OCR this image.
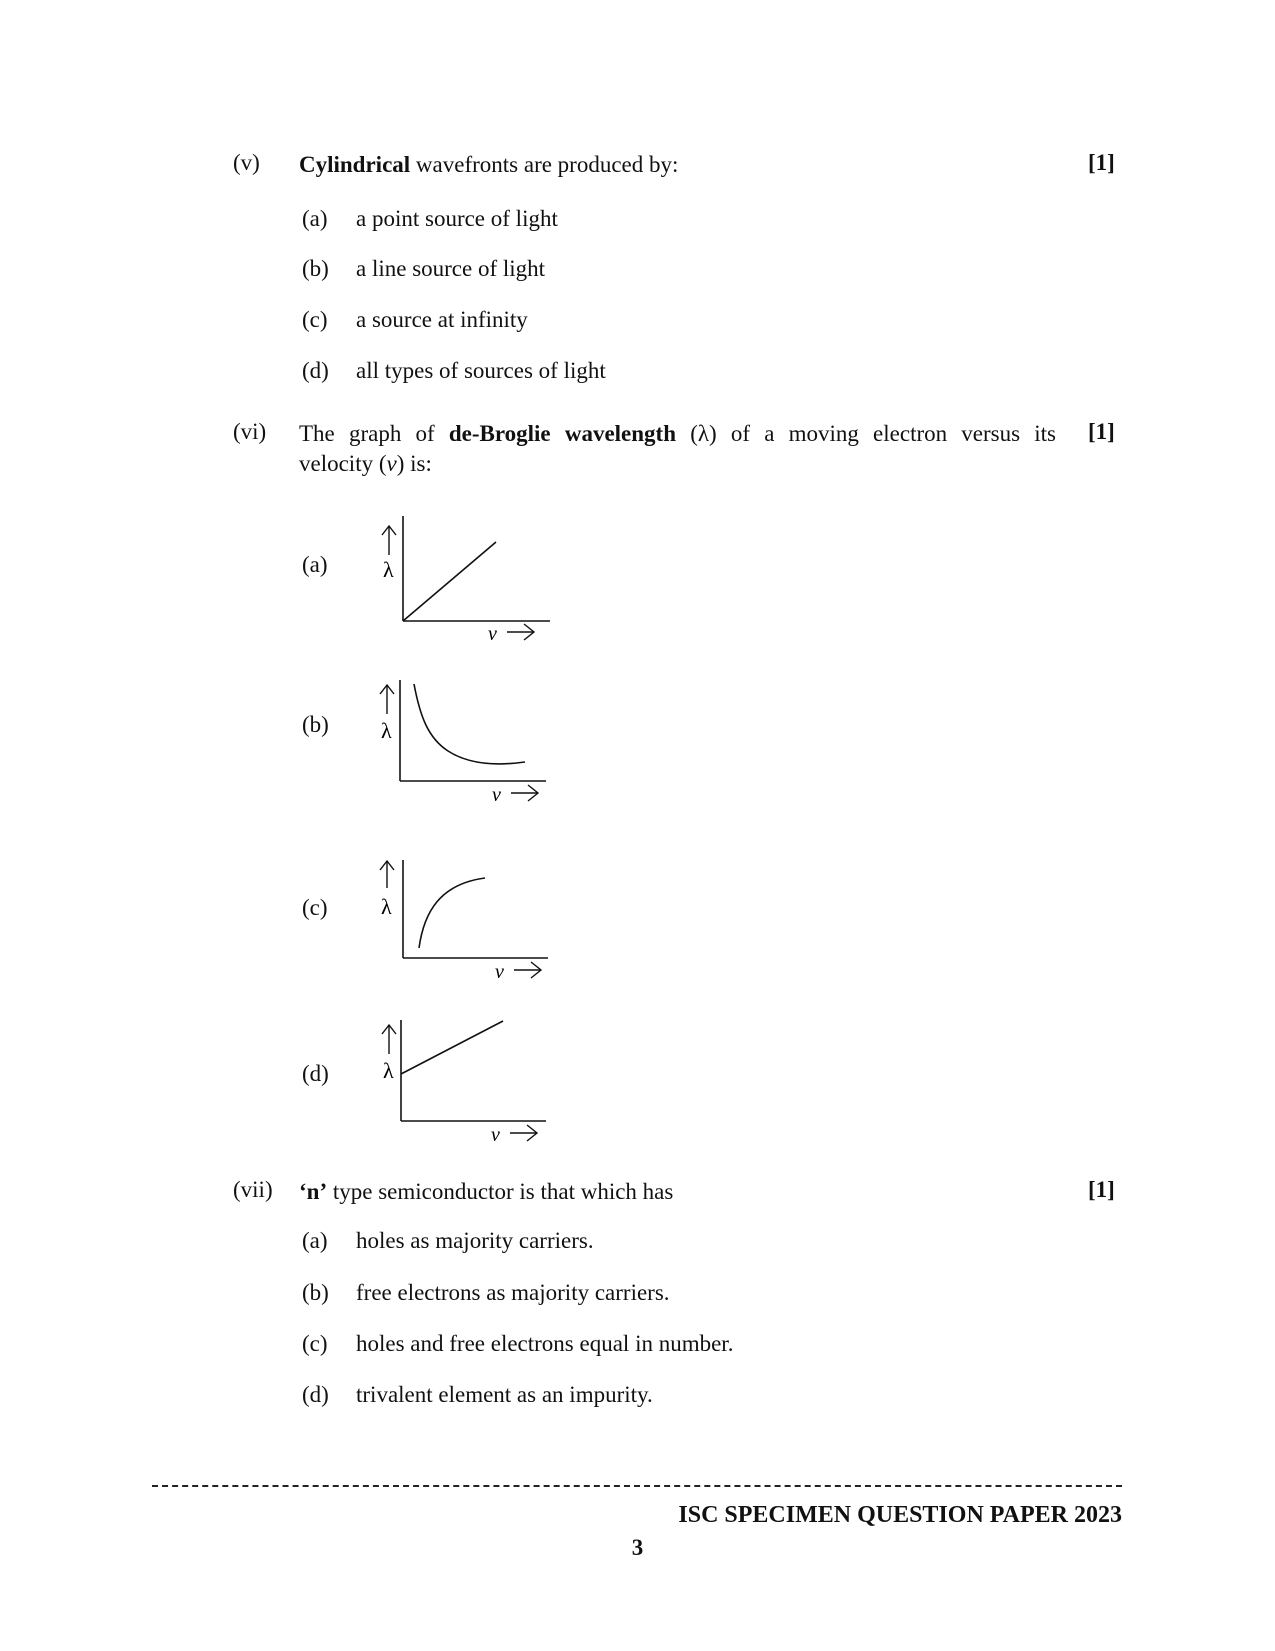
(v) Cylindrical wavefronts are produced by:	[1]
(a) a point source of light
(b) a line source of light
(c) a source at infinity
(d) all types of sources of light
(vi) The graph of de-Broglie wavelength (λ) of a moving electron versus its
velocity (v) is:
[1]
(a)	λ
v
(b) λ
v
(c) λ
v
(d) λ
v
(vii) ‘n’ type semiconductor is that which has	[1]
(a) holes as majority carriers.
(b) free electrons as majority carriers.
(c) holes and free electrons equal in number.
(d) trivalent element as an impurity.
ISC SPECIMEN QUESTION PAPER 2023
3
